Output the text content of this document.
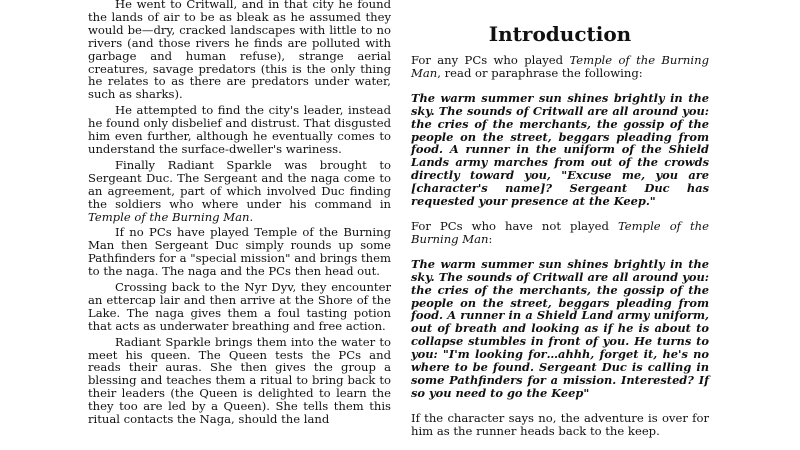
He went to Critwall, and in that city he found the lands of air to be as bleak as he assumed they would be—dry, cracked landscapes with little to no rivers (and those rivers he finds are polluted with garbage and human refuse), strange aerial creatures, savage predators (this is the only thing he relates to as there are predators under water, such as sharks).

He attempted to find the city's leader, instead he found only disbelief and distrust. That disgusted him even further, although he eventually comes to understand the surface-dweller's wariness.

Finally Radiant Sparkle was brought to Sergeant Duc. The Sergeant and the naga come to an agreement, part of which involved Duc finding the soldiers who where under his command in Temple of the Burning Man.

If no PCs have played Temple of the Burning Man then Sergeant Duc simply rounds up some Pathfinders for a "special mission" and brings them to the naga. The naga and the PCs then head out.

Crossing back to the Nyr Dyv, they encounter an ettercap lair and then arrive at the Shore of the Lake. The naga gives them a foul tasting potion that acts as underwater breathing and free action.

Radiant Sparkle brings them into the water to meet his queen. The Queen tests the PCs and reads their auras. She then gives the group a blessing and teaches them a ritual to bring back to their leaders (the Queen is delighted to learn the they too are led by a Queen). She tells them this ritual contacts the Naga, should the land

Introduction

For any PCs who played Temple of the Burning Man, read or paraphrase the following:

The warm summer sun shines brightly in the sky. The sounds of Critwall are all around you: the cries of the merchants, the gossip of the people on the street, beggars pleading from food. A runner in the uniform of the Shield Lands army marches from out of the crowds directly toward you, "Excuse me, you are [character's name]? Sergeant Duc has requested your presence at the Keep."

For PCs who have not played Temple of the Burning Man:

The warm summer sun shines brightly in the sky. The sounds of Critwall are all around you: the cries of the merchants, the gossip of the people on the street, beggars pleading from food. A runner in a Shield Land army uniform, out of breath and looking as if he is about to collapse stumbles in front of you. He turns to you: "I'm looking for…ahhh, forget it, he's no where to be found. Sergeant Duc is calling in some Pathfinders for a mission. Interested? If so you need to go the Keep"

If the character says no, the adventure is over for him as the runner heads back to the keep.
